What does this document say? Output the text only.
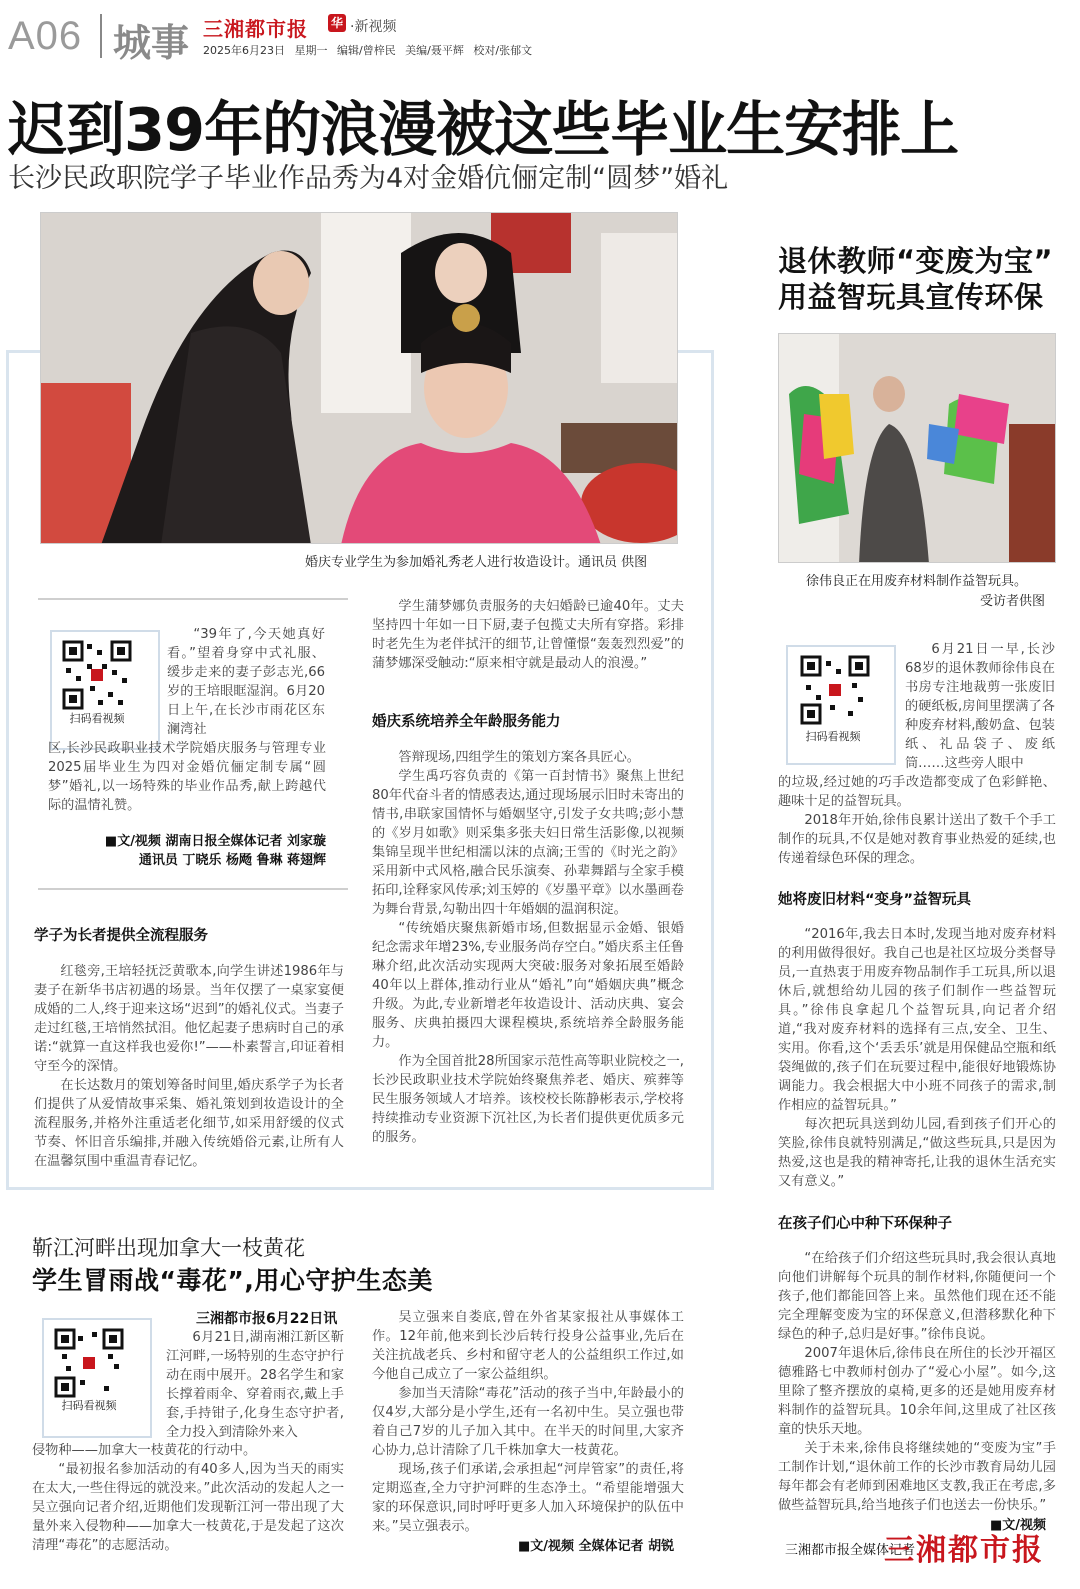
A06 城事 三湘都市报 华 ·新视频
2025年6月23日 星期一 编辑/曾梓民 美编/聂平辉 校对/张郁文
迟到39年的浪漫被这些毕业生安排上
长沙民政职院学子毕业作品秀为4对金婚伉俪定制“圆梦”婚礼
婚庆专业学生为参加婚礼秀老人进行妆造设计。通讯员 供图
扫码看视频

“39年了,今天她真好看。”望着身穿中式礼服、缓步走来的妻子彭志光,66岁的王培眼眶湿润。6月20日上午,在长沙市雨花区东澜湾社

区,长沙民政职业技术学院婚庆服务与管理专业2025届毕业生为四对金婚伉俪定制专属“圆梦”婚礼,以一场特殊的毕业作品秀,献上跨越代际的温情礼赞。

■文/视频 湖南日报全媒体记者 刘家璇
通讯员 丁晓乐 杨飏 鲁琳 蒋翅辉
学子为长者提供全流程服务

红毯旁,王培轻抚泛黄歌本,向学生讲述1986年与妻子在新华书店初遇的场景。当年仅摆了一桌家宴便成婚的二人,终于迎来这场“迟到”的婚礼仪式。当妻子走过红毯,王培悄然拭泪。他忆起妻子患病时自己的承诺:“就算一直这样我也爱你!”——朴素誓言,印证着相守至今的深情。

在长达数月的策划筹备时间里,婚庆系学子为长者们提供了从爱情故事采集、婚礼策划到妆造设计的全流程服务,并格外注重适老化细节,如采用舒缓的仪式节奏、怀旧音乐编排,并融入传统婚俗元素,让所有人在温馨氛围中重温青春记忆。

学生蒲梦娜负责服务的夫妇婚龄已逾40年。丈夫坚持四十年如一日下厨,妻子包揽丈夫所有穿搭。彩排时老先生为老伴拭汗的细节,让曾懂憬“轰轰烈烈爱”的蒲梦娜深受触动:“原来相守就是最动人的浪漫。”

婚庆系统培养全年龄服务能力

答辩现场,四组学生的策划方案各具匠心。

学生禹巧容负责的《第一百封情书》聚焦上世纪80年代奋斗者的情感表达,通过现场展示旧时未寄出的情书,串联家国情怀与婚姻坚守,引发子女共鸣;彭小慧的《岁月如歌》则采集多张夫妇日常生活影像,以视频集锦呈现半世纪相濡以沫的点滴;王雪的《时光之韵》采用新中式风格,融合民乐演奏、孙辈舞蹈与全家手模拓印,诠释家风传承;刘玉婷的《岁墨平章》以水墨画卷为舞台背景,勾勒出四十年婚姻的温润积淀。

“传统婚庆聚焦新婚市场,但数据显示金婚、银婚纪念需求年增23%,专业服务尚存空白。”婚庆系主任鲁琳介绍,此次活动实现两大突破:服务对象拓展至婚龄40年以上群体,推动行业从“婚礼”向“婚姻庆典”概念升级。为此,专业新增老年妆造设计、活动庆典、宴会服务、庆典拍摄四大课程模块,系统培养全龄服务能力。

作为全国首批28所国家示范性高等职业院校之一,长沙民政职业技术学院始终聚焦养老、婚庆、殡葬等民生服务领域人才培养。该校校长陈静彬表示,学校将持续推动专业资源下沉社区,为长者们提供更优质多元的服务。

退休教师“变废为宝”
用益智玩具宣传环保
徐伟良正在用废弃材料制作益智玩具。
受访者供图
扫码看视频

6月21日一早,长沙68岁的退休教师徐伟良在书房专注地裁剪一张废旧的硬纸板,房间里摆满了各种废弃材料,酸奶盒、包装纸、礼品袋子、废纸筒……这些旁人眼中

的垃圾,经过她的巧手改造都变成了色彩鲜艳、趣味十足的益智玩具。

2018年开始,徐伟良累计送出了数千个手工制作的玩具,不仅是她对教育事业热爱的延续,也传递着绿色环保的理念。

她将废旧材料“变身”益智玩具

“2016年,我去日本时,发现当地对废弃材料的利用做得很好。我自己也是社区垃圾分类督导员,一直热衷于用废弃物品制作手工玩具,所以退休后,就想给幼儿园的孩子们制作一些益智玩具。”徐伟良拿起几个益智玩具,向记者介绍道,“我对废弃材料的选择有三点,安全、卫生、实用。你看,这个‘丢丢乐’就是用保健品空瓶和纸袋绳做的,孩子们在玩要过程中,能很好地锻炼协调能力。我会根据大中小班不同孩子的需求,制作相应的益智玩具。”

每次把玩具送到幼儿园,看到孩子们开心的笑脸,徐伟良就特别满足,“做这些玩具,只是因为热爱,这也是我的精神寄托,让我的退休生活充实又有意义。”

在孩子们心中种下环保种子

“在给孩子们介绍这些玩具时,我会很认真地向他们讲解每个玩具的制作材料,你随便问一个孩子,他们都能回答上来。虽然他们现在还不能完全理解变废为宝的环保意义,但潜移默化种下绿色的种子,总归是好事。”徐伟良说。

2007年退休后,徐伟良在所住的长沙开福区德雅路七中教师村创办了“爱心小屋”。如今,这里除了整齐摆放的桌椅,更多的还是她用废弃材料制作的益智玩具。10余年间,这里成了社区孩童的快乐天地。

关于未来,徐伟良将继续她的“变废为宝”手工制作计划,“退休前工作的长沙市教育局幼儿园每年都会有老师到困难地区支教,我正在考虑,多做些益智玩具,给当地孩子们也送去一份快乐。”

■文/视频
三湘都市报全媒体记者
靳江河畔出现加拿大一枝黄花
学生冒雨战“毒花”,用心守护生态美
扫码看视频
三湘都市报6月22日讯

6月21日,湖南湘江新区靳江河畔,一场特别的生态守护行动在雨中展开。28名学生和家长撑着雨伞、穿着雨衣,戴上手套,手持钳子,化身生态守护者,全力投入到清除外来入

侵物种——加拿大一枝黄花的行动中。

“最初报名参加活动的有40多人,因为当天的雨实在太大,一些住得远的就没来。”此次活动的发起人之一吴立强向记者介绍,近期他们发现靳江河一带出现了大量外来入侵物种——加拿大一枝黄花,于是发起了这次清理“毒花”的志愿活动。

吴立强来自娄底,曾在外省某家报社从事媒体工作。12年前,他来到长沙后转行投身公益事业,先后在关注抗战老兵、乡村和留守老人的公益组织工作过,如今他自己成立了一家公益组织。

参加当天清除“毒花”活动的孩子当中,年龄最小的仅4岁,大部分是小学生,还有一名初中生。吴立强也带着自己7岁的儿子加入其中。在半天的时间里,大家齐心协力,总计清除了几千株加拿大一枝黄花。

现场,孩子们承诺,会承担起“河岸管家”的责任,将定期巡查,全力守护河畔的生态净土。“希望能增强大家的环保意识,同时呼吁更多人加入环境保护的队伍中来。”吴立强表示。

■文/视频 全媒体记者 胡锐	三湘都市报
